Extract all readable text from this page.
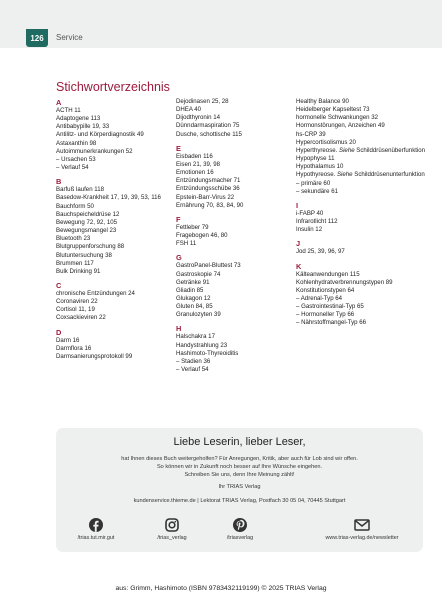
126	Service
Stichwortverzeichnis
A
ACTH 11
Adaptogene 113
Antibabypille 19, 33
Antilitz- und Körperdiagnostik 49
Astaxanthin 98
Autoimmunerkrankungen 52
– Ursachen 53
– Verlauf 54
B
Barfuß laufen 118
Basedow-Krankheit 17, 19, 39, 53, 116
Bauchform 50
Bauchspeicheldrüse 12
Bewegung 72, 92, 105
Bewegungsmangel 23
Bluetooth 23
Blutgruppenforschung 88
Blutuntersuchung 38
Brummen 117
Bulk Drinking 91
C
chronische Entzündungen 24
Coronaviren 22
Cortisol 11, 19
Coxsackieviren 22
D
Darm 16
Darmflora 16
Darmsanierungsprotokoll 99
Dejodinasen 25, 28
DHEA 40
Dijodthyronin 14
Dünndarmaspiration 75
Dusche, schottische 115
E
Eisbaden 116
Eisen 21, 39, 98
Emotionen 16
Entzündungsmacher 71
Entzündungsschübe 36
Epstein-Barr-Virus 22
Ernährung 70, 83, 84, 90
F
Fettleber 79
Fragebogen 46, 80
FSH 11
G
GastroPanel-Bluttest 73
Gastroskopie 74
Getränke 91
Gliadin 85
Glukagon 12
Gluten 84, 85
Granulozyten 39
H
Halschakra 17
Handystrahlung 23
Hashimoto-Thyreoiditis
– Stadien 36
– Verlauf 54
Healthy Balance 90
Heidelberger Kapseltest 73
hormonelle Schwankungen 32
Hormonstörungen, Anzeichen 49
hs-CRP 39
Hypercortisolismus 20
Hyperthyreose. Siehe Schilddrüsenüberfunktion
Hypophyse 11
Hypothalamus 10
Hypothyreose. Siehe Schilddrüsenunterfunktion
– primäre 60
– sekundäre 61
I
i-FABP 40
Infrarotlicht 112
Insulin 12
J
Jod 25, 39, 96, 97
K
Kälteanwendungen 115
Kohlenhydratverbrennungstypen 89
Konstitutionstypen 64
– Adrenal-Typ 64
– Gastrointestinal-Typ 65
– Hormoneller Typ 66
– Nährstoffmangel-Typ 66
Liebe Leserin, lieber Leser,
hat Ihnen dieses Buch weitergeholfen? Für Anregungen, Kritik, aber auch für Lob sind wir offen.
So können wir in Zukunft noch besser auf Ihre Wünsche eingehen.
Schreiben Sie uns, denn Ihre Meinung zählt!
Ihr TRIAS Verlag
kundenservice.thieme.de | Lektorat TRIAS Verlag, Postfach 30 05 04, 70445 Stuttgart
/trias.tut.mir.gut	/trias_verlag	/triasverlag	www.trias-verlag.de/newsletter
aus: Grimm, Hashimoto (ISBN 9783432119199) © 2025 TRIAS Verlag
